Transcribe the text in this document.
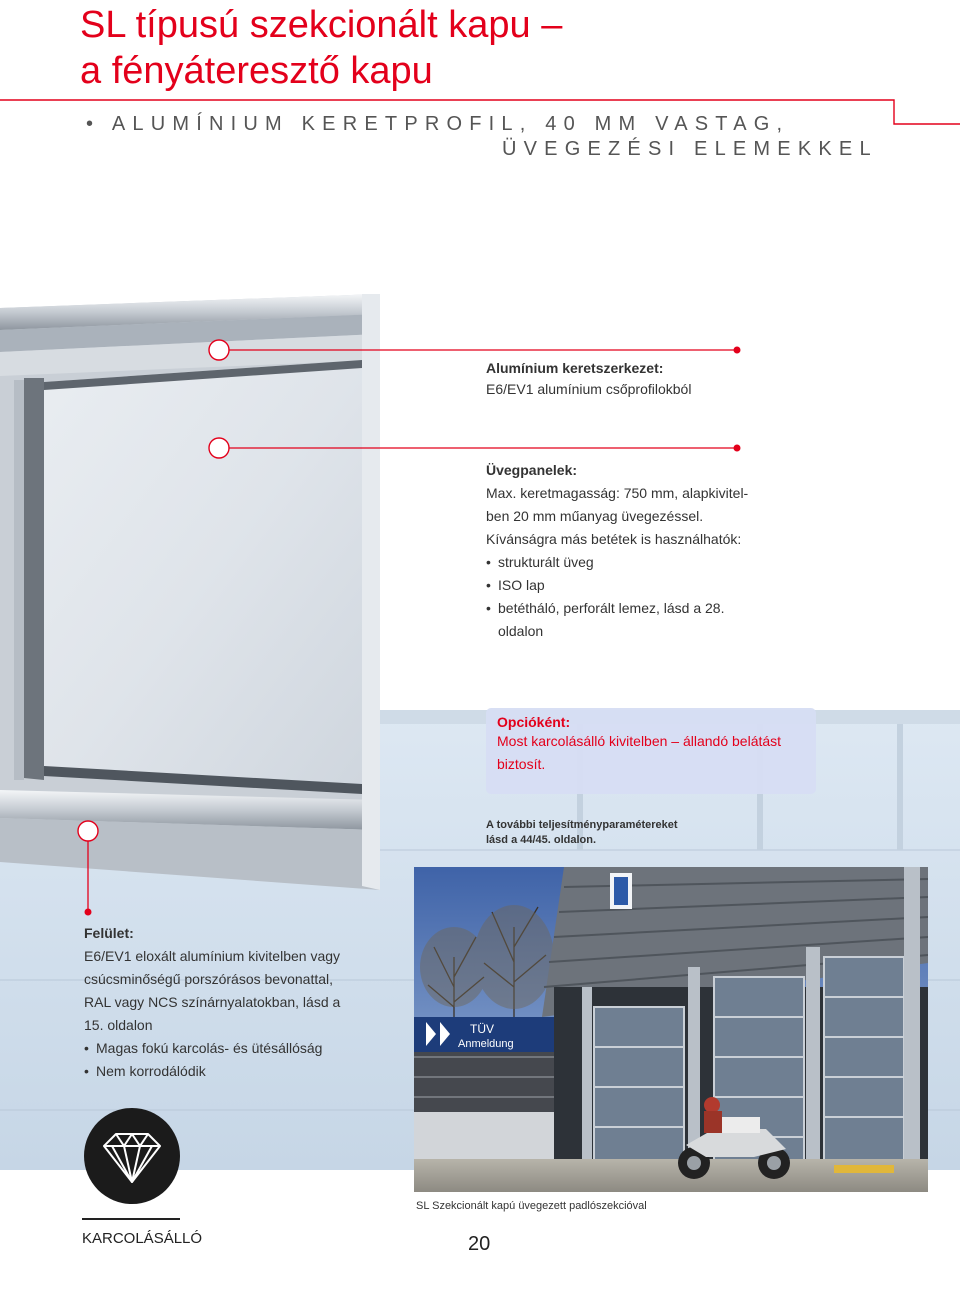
SL típusú szekcionált kapu –
a fényáteresztő kapu
• ALUMÍNIUM KERETPROFIL, 40 MM VASTAG,
ÜVEGEZÉSI ELEMEKKEL
Alumínium keretszerkezet:
E6/EV1 alumínium csőprofilokból
Üvegpanelek:
Max. keretmagasság: 750 mm, alapkivitel-
ben 20 mm műanyag üvegezéssel.
Kívánságra más betétek is használhatók:
• strukturált üveg
• ISO lap
• betétháló, perforált lemez, lásd a 28.
oldalon
Opcióként:
Most karcolásálló kivitelben – állandó belátást
biztosít.
A további teljesítményparamétereket
lásd a 44/45. oldalon.
TÜV
Anmeldung
SL Szekcionált kapú üvegezett padlószekcióval
Felület:
E6/EV1 eloxált alumínium kivitelben vagy
csúcsminőségű porszórásos bevonattal,
RAL vagy NCS színárnyalatokban, lásd a
15. oldalon
• Magas fokú karcolás- és ütésállóság
• Nem korrodálódik
KARCOLÁSÁLLÓ	20
